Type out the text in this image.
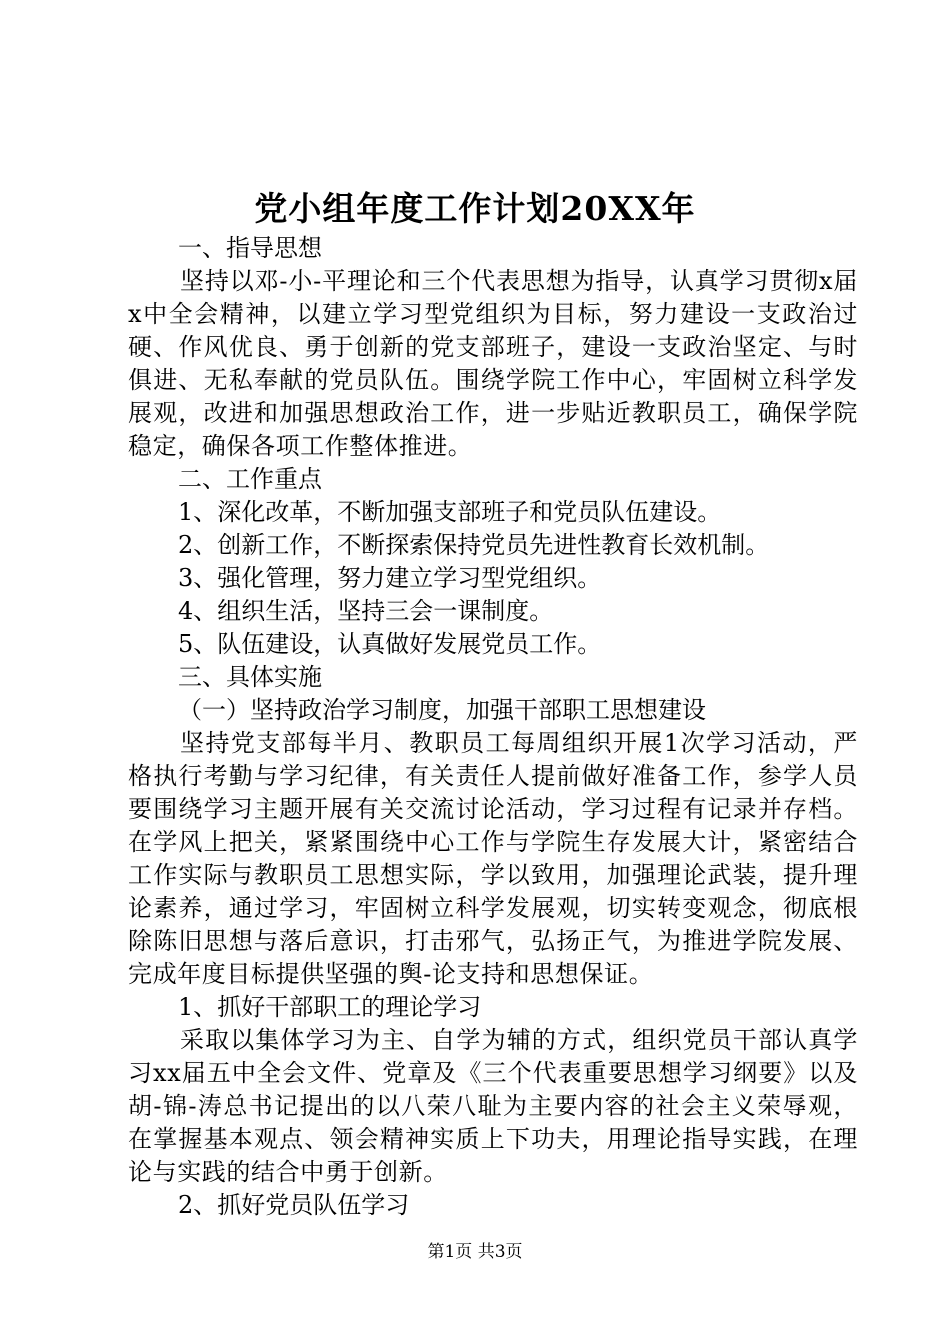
党小组年度工作计划20XX年

一、指导思想

坚持以邓-小-平理论和三个代表思想为指导，认真学习贯彻x届x中全会精神，以建立学习型党组织为目标，努力建设一支政治过硬、作风优良、勇于创新的党支部班子，建设一支政治坚定、与时俱进、无私奉献的党员队伍。围绕学院工作中心，牢固树立科学发展观，改进和加强思想政治工作，进一步贴近教职员工，确保学院稳定，确保各项工作整体推进。

二、工作重点

1、深化改革，不断加强支部班子和党员队伍建设。

2、创新工作，不断探索保持党员先进性教育长效机制。

3、强化管理，努力建立学习型党组织。

4、组织生活，坚持三会一课制度。

5、队伍建设，认真做好发展党员工作。

三、具体实施

（一）坚持政治学习制度，加强干部职工思想建设

坚持党支部每半月、教职员工每周组织开展1次学习活动，严格执行考勤与学习纪律，有关责任人提前做好准备工作，参学人员要围绕学习主题开展有关交流讨论活动，学习过程有记录并存档。在学风上把关，紧紧围绕中心工作与学院生存发展大计，紧密结合工作实际与教职员工思想实际，学以致用，加强理论武装，提升理论素养，通过学习，牢固树立科学发展观，切实转变观念，彻底根除陈旧思想与落后意识，打击邪气，弘扬正气，为推进学院发展、完成年度目标提供坚强的舆-论支持和思想保证。

1、抓好干部职工的理论学习

采取以集体学习为主、自学为辅的方式，组织党员干部认真学习xx届五中全会文件、党章及《三个代表重要思想学习纲要》以及胡-锦-涛总书记提出的以八荣八耻为主要内容的社会主义荣辱观，在掌握基本观点、领会精神实质上下功夫，用理论指导实践，在理论与实践的结合中勇于创新。

2、抓好党员队伍学习

第1页 共3页
